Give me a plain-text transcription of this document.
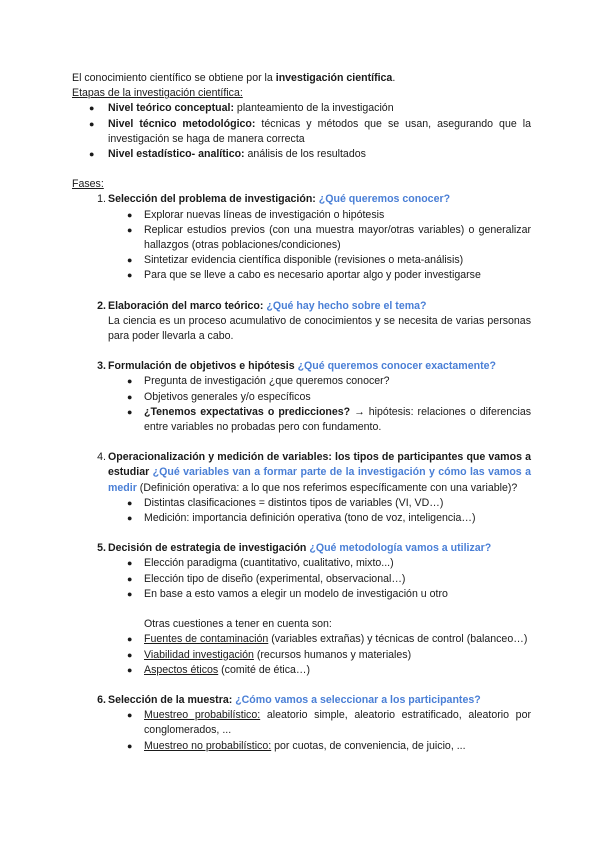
El conocimiento científico se obtiene por la investigación científica.

Etapas de la investigación científica:

● Nivel teórico conceptual: planteamiento de la investigación
● Nivel técnico metodológico: técnicas y métodos que se usan, asegurando que la investigación se haga de manera correcta
● Nivel estadístico- analítico: análisis de los resultados

Fases:

1. Selección del problema de investigación: ¿Qué queremos conocer?
● Explorar nuevas líneas de investigación o hipótesis
● Replicar estudios previos (con una muestra mayor/otras variables) o generalizar hallazgos (otras poblaciones/condiciones)
● Sintetizar evidencia científica disponible (revisiones o meta-análisis)
● Para que se lleve a cabo es necesario aportar algo y poder investigarse
2. Elaboración del marco teórico: ¿Qué hay hecho sobre el tema?

La ciencia es un proceso acumulativo de conocimientos y se necesita de varias personas para poder llevarla a cabo.

3. Formulación de objetivos e hipótesis ¿Qué queremos conocer exactamente?
● Pregunta de investigación ¿que queremos conocer?
● Objetivos generales y/o específicos
● ¿Tenemos expectativas o predicciones? → hipótesis: relaciones o diferencias entre variables no probadas pero con fundamento.
4. Operacionalización y medición de variables: los tipos de participantes que vamos a estudiar ¿Qué variables van a formar parte de la investigación y cómo las vamos a medir (Definición operativa: a lo que nos referimos específicamente con una variable)?
● Distintas clasificaciones = distintos tipos de variables (VI, VD…)
● Medición: importancia definición operativa (tono de voz, inteligencia…)
5. Decisión de estrategia de investigación ¿Qué metodología vamos a utilizar?
● Elección paradigma (cuantitativo, cualitativo, mixto...)
● Elección tipo de diseño (experimental, observacional…)
● En base a esto vamos a elegir un modelo de investigación u otro

Otras cuestiones a tener en cuenta son:

● Fuentes de contaminación (variables extrañas) y técnicas de control (balanceo…)
● Viabilidad investigación (recursos humanos y materiales)
● Aspectos éticos (comité de ética…)
6. Selección de la muestra: ¿Cómo vamos a seleccionar a los participantes?
● Muestreo probabilístico: aleatorio simple, aleatorio estratificado, aleatorio por conglomerados, ...
● Muestreo no probabilístico: por cuotas, de conveniencia, de juicio, ...
